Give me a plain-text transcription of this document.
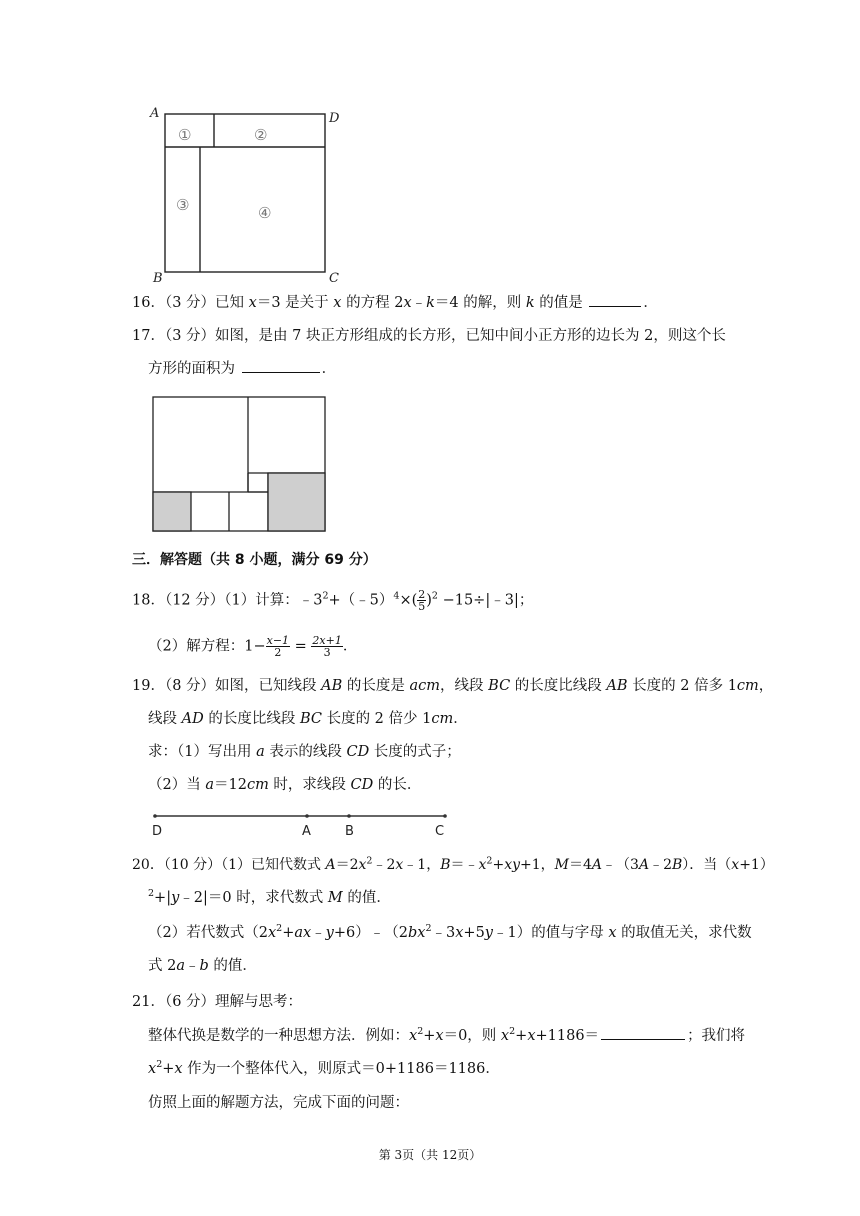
A	D
B	C
①	②
③	④
16．（3 分）已知 x＝3 是关于 x 的方程 2x﹣k＝4 的解，则 k 的值是	．
17．（3 分）如图，是由 7 块正方形组成的长方形，已知中间小正方形的边长为 2，则这个长
方形的面积为	．
三．解答题（共 8 小题，满分 69 分）
18．（12 分）（1）计算：$﹣3^2+(﹣5)^4\times( \frac{2}{5} )^2$ −15÷|﹣3|；
（2）解方程：$1- \frac{x-1}{2} = \frac{2x+1}{3}$ ．
19．（8 分）如图，已知线段 AB 的长度是 acm，线段 BC 的长度比线段 AB 长度的 2 倍多 1cm，
线段 AD 的长度比线段 BC 长度的 2 倍少 1cm．
求：（1）写出用 a 表示的线段 CD 长度的式子；
（2）当 a＝12cm 时，求线段 CD 的长．
D	A	B	C
20．（10 分）（1）已知代数式 $A=2x^2﹣2x﹣1$，$B=﹣x^2+xy+1$，M＝4A﹣（3A﹣2B）．当（x+1）
$^2$+|y﹣2|＝0 时，求代数式 M 的值．
（2）若代数式$(2x^2+ax﹣y+6)﹣(2bx^2﹣3x+5y﹣1)$的值与字母 x 的取值无关，求代数
式 2a﹣b 的值．
21．（6 分）理解与思考：
整体代换是数学的一种思想方法．例如：$x^2+x=0$，则 $x^2+x+1186=$	；我们将
$x^2+x$ 作为一个整体代入，则原式＝0+1186＝1186．
仿照上面的解题方法，完成下面的问题：
第 3页（共 12页）
